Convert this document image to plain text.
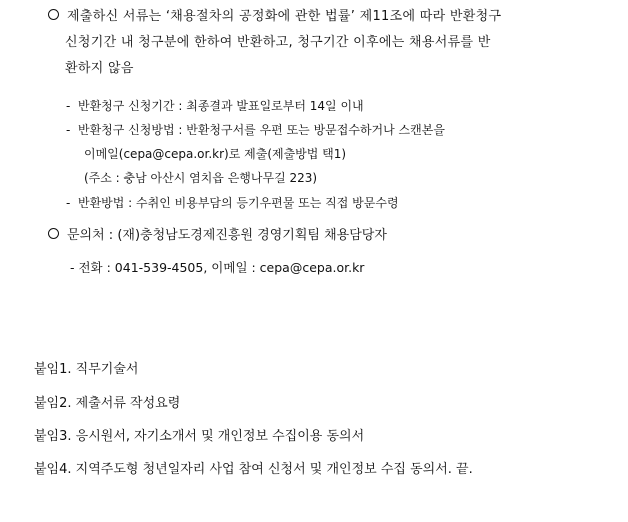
제출하신 서류는 ‘채용절차의 공정화에 관한 법률’ 제11조에 따라 반환청구
신청기간 내 청구분에 한하여 반환하고, 청구기간 이후에는 채용서류를 반
환하지 않음
- 반환청구 신청기간 : 최종결과 발표일로부터 14일 이내
- 반환청구 신청방법 : 반환청구서를 우편 또는 방문접수하거나 스캔본을
이메일(cepa@cepa.or.kr)로 제출(제출방법 택1)
(주소 : 충남 아산시 염치읍 은행나무길 223)
- 반환방법 : 수취인 비용부담의 등기우편물 또는 직접 방문수령
문의처 : (재)충청남도경제진흥원 경영기획팀 채용담당자
- 전화 : 041-539-4505, 이메일 : cepa@cepa.or.kr
붙임1. 직무기술서
붙임2. 제출서류 작성요령
붙임3. 응시원서, 자기소개서 및 개인정보 수집이용 동의서
붙임4. 지역주도형 청년일자리 사업 참여 신청서 및 개인정보 수집 동의서. 끝.
